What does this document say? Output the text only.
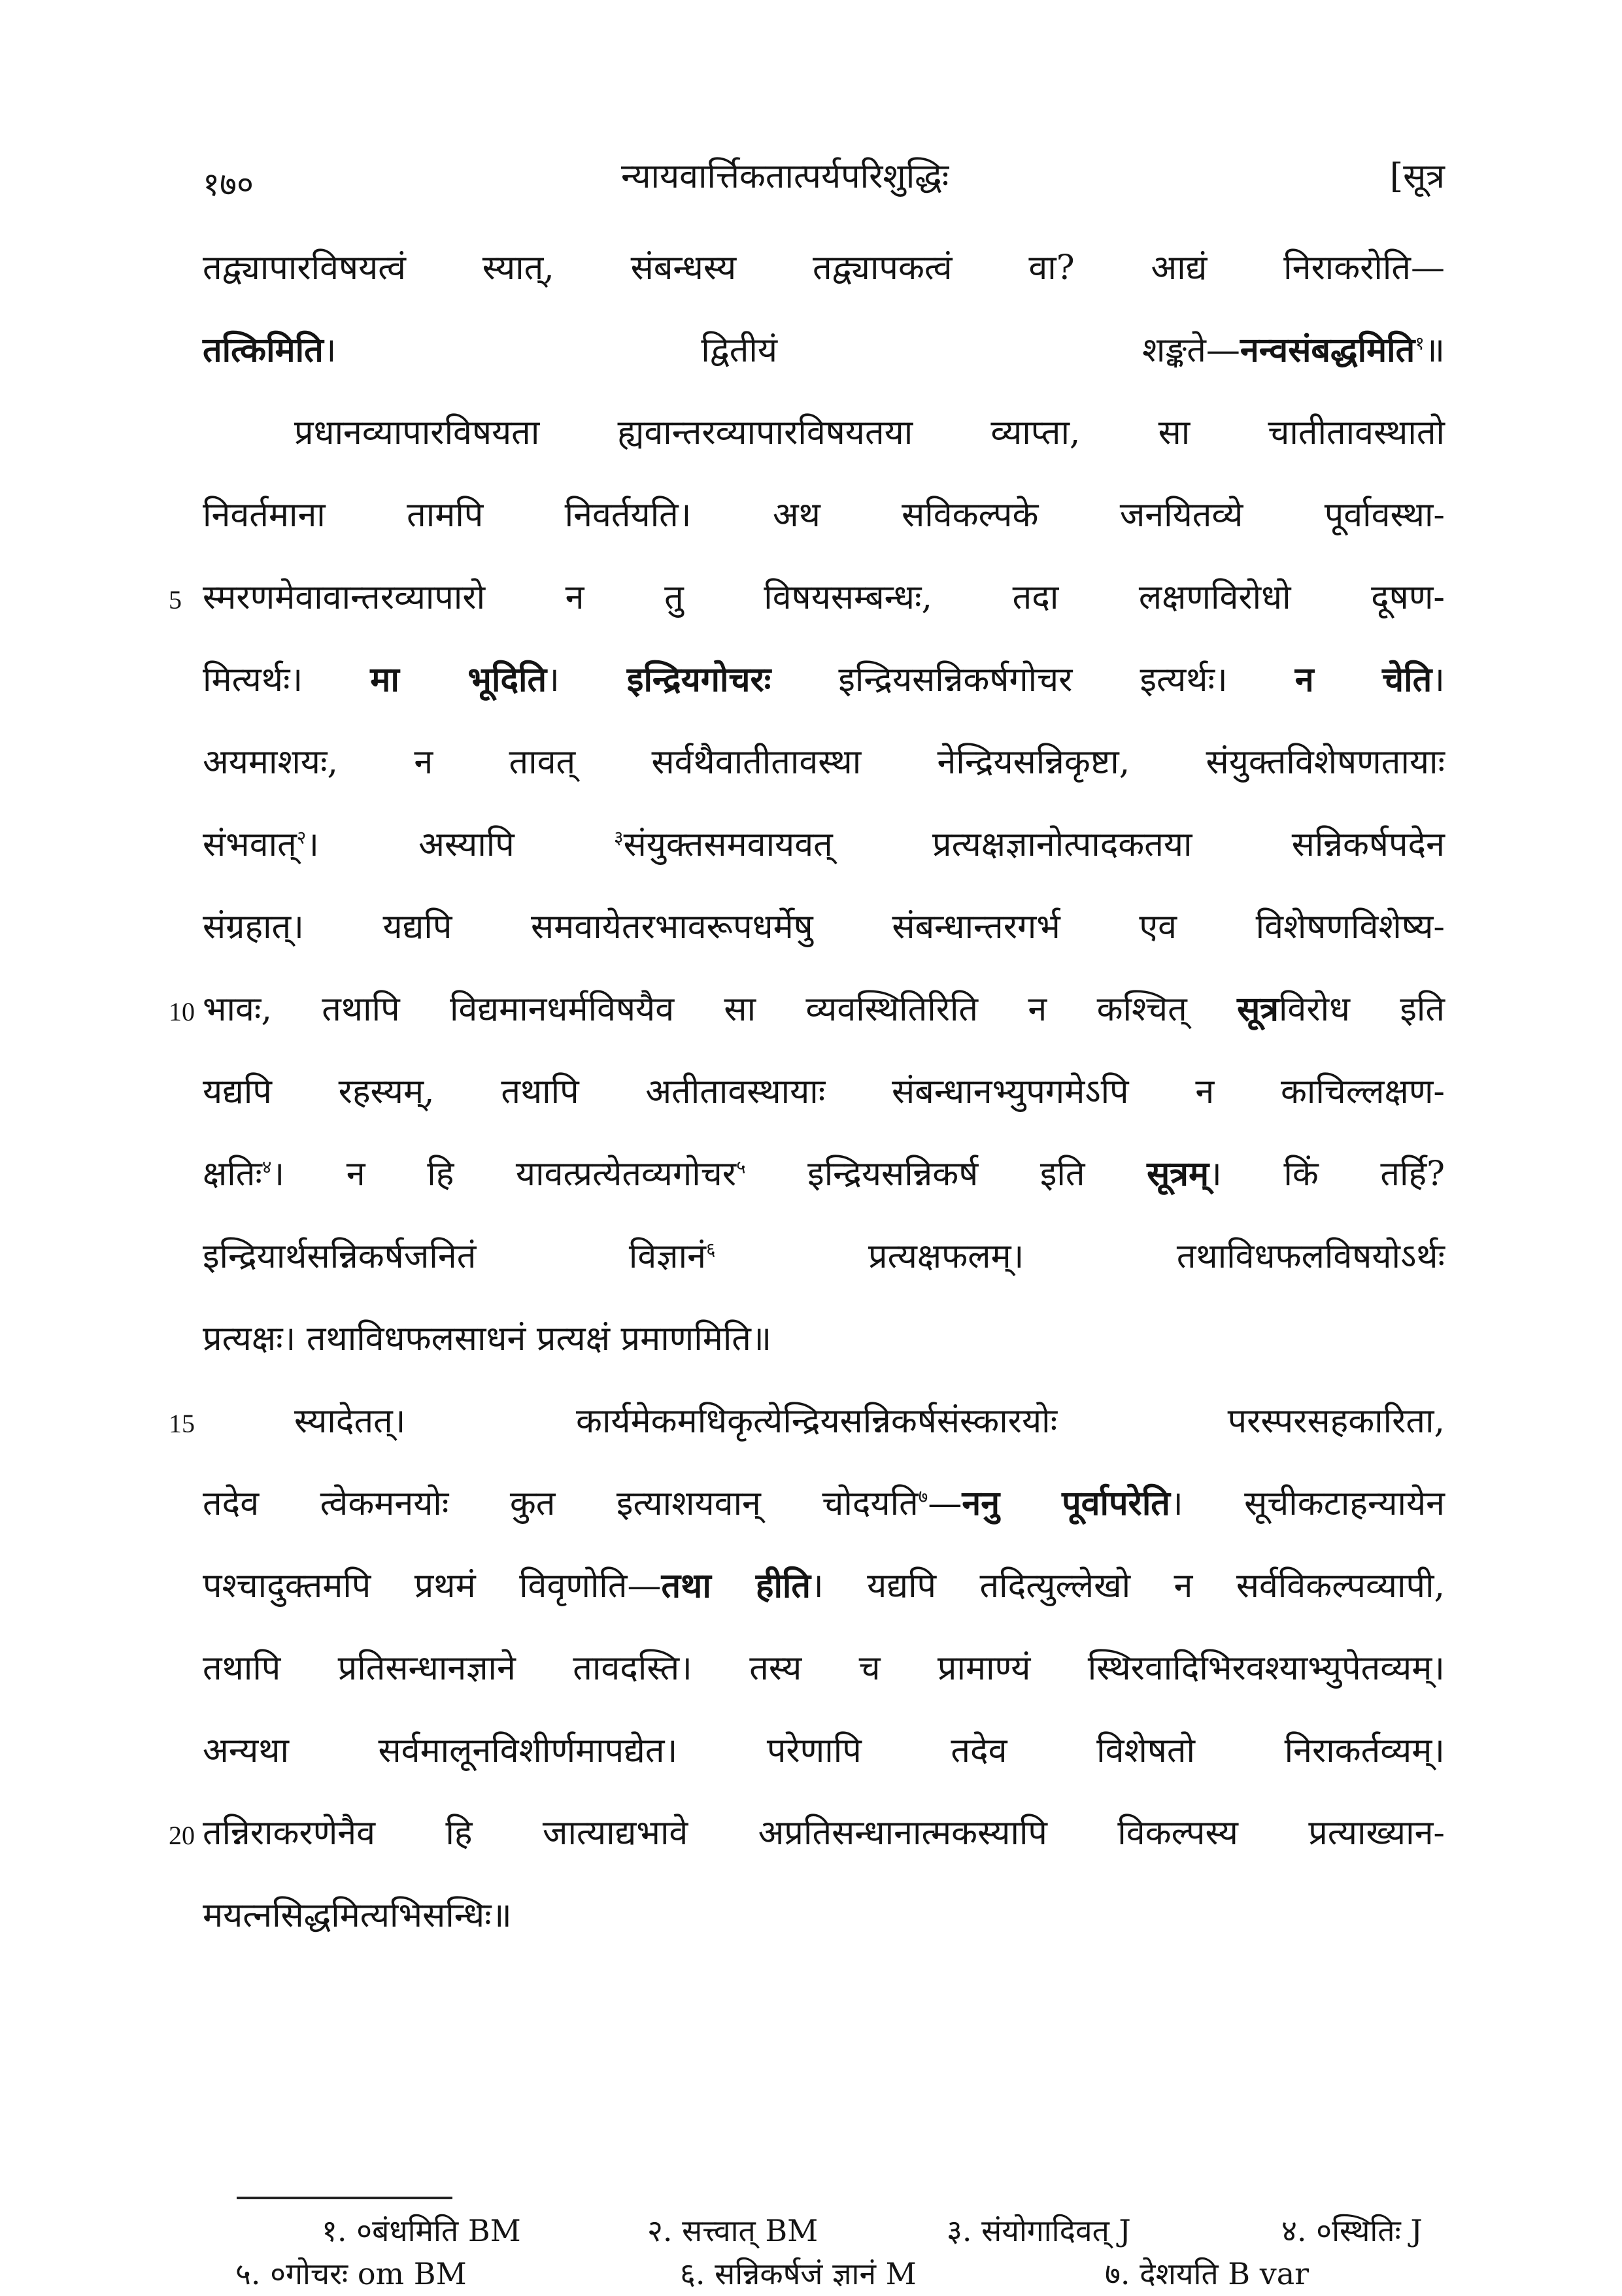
१७०	न्यायवार्त्तिकतात्पर्यपरिशुद्धिः	[सूत्र
तद्व्यापारविषयत्वं स्यात्, संबन्धस्य तद्व्यापकत्वं वा? आद्यं निराकरोति—
तत्किमिति। द्वितीयं शङ्कते—नन्वसंबद्धमिति$^१$॥
प्रधानव्यापारविषयता ह्यवान्तरव्यापारविषयतया व्याप्ता, सा चातीतावस्थातो
निवर्तमाना तामपि निवर्तयति। अथ सविकल्पके जनयितव्ये पूर्वावस्था-
स्मरणमेवावान्तरव्यापारो न तु विषयसम्बन्धः, तदा लक्षणविरोधो दूषण-
मित्यर्थः। मा भूदिति। इन्द्रियगोचरः इन्द्रियसन्निकर्षगोचर इत्यर्थः। न चेति।
अयमाशयः, न तावत् सर्वथैवातीतावस्था नेन्द्रियसन्निकृष्टा, संयुक्तविशेषणतायाः
संभवात्$^२$। अस्यापि $^३$संयुक्तसमवायवत् प्रत्यक्षज्ञानोत्पादकतया सन्निकर्षपदेन
संग्रहात्। यद्यपि समवायेतरभावरूपधर्मेषु संबन्धान्तरगर्भ एव विशेषणविशेष्य-
भावः, तथापि विद्यमानधर्मविषयैव सा व्यवस्थितिरिति न कश्चित् सूत्रविरोध इति
यद्यपि रहस्यम्, तथापि अतीतावस्थायाः संबन्धानभ्युपगमेऽपि न काचिल्लक्षण-
क्षतिः$^४$। न हि यावत्प्रत्येतव्यगोचर$^५$ इन्द्रियसन्निकर्ष इति सूत्रम्। किं तर्हि?
इन्द्रियार्थसन्निकर्षजनितं विज्ञानं$^६$ प्रत्यक्षफलम्। तथाविधफलविषयोऽर्थः
प्रत्यक्षः। तथाविधफलसाधनं प्रत्यक्षं प्रमाणमिति॥
स्यादेतत्। कार्यमेकमधिकृत्येन्द्रियसन्निकर्षसंस्कारयोः परस्परसहकारिता,
तदेव त्वेकमनयोः कुत इत्याशयवान् चोदयति$^७$—ननु पूर्वापरेति। सूचीकटाहन्यायेन
पश्चादुक्तमपि प्रथमं विवृणोति—तथा हीति। यद्यपि तदित्युल्लेखो न सर्वविकल्पव्यापी,
तथापि प्रतिसन्धानज्ञाने तावदस्ति। तस्य च प्रामाण्यं स्थिरवादिभिरवश्याभ्युपेतव्यम्।
अन्यथा सर्वमालूनविशीर्णमापद्येत। परेणापि तदेव विशेषतो निराकर्तव्यम्।
तन्निराकरणेनैव हि जात्याद्यभावे अप्रतिसन्धानात्मकस्यापि विकल्पस्य प्रत्याख्यान-
मयत्नसिद्धमित्यभिसन्धिः॥
5
10
15
20
१. ०बंधमिति BM	२. सत्त्वात् BM	३. संयोगादिवत् J	४. ०स्थितिः J
५. ०गोचरः om BM	६. सन्निकर्षजं ज्ञानं M	७. देशयति B var
